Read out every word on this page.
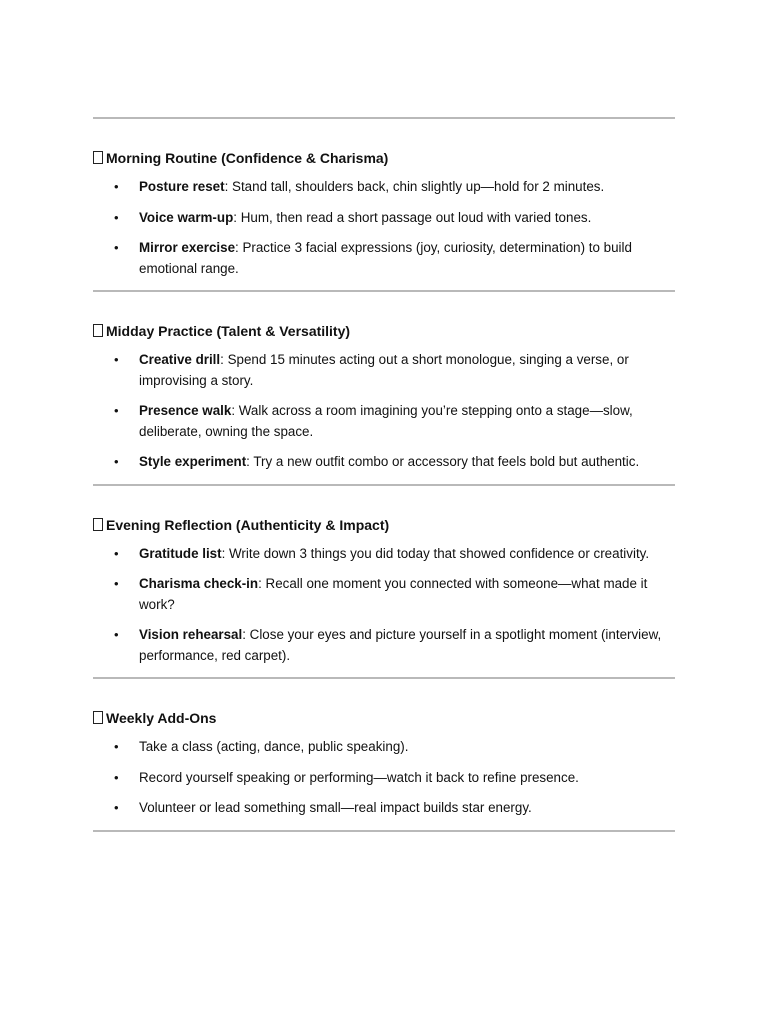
Morning Routine (Confidence & Charisma)
• Posture reset: Stand tall, shoulders back, chin slightly up—hold for 2 minutes.
• Voice warm-up: Hum, then read a short passage out loud with varied tones.
• Mirror exercise: Practice 3 facial expressions (joy, curiosity, determination) to build emotional range.
Midday Practice (Talent & Versatility)
• Creative drill: Spend 15 minutes acting out a short monologue, singing a verse, or improvising a story.
• Presence walk: Walk across a room imagining you’re stepping onto a stage—slow, deliberate, owning the space.
• Style experiment: Try a new outfit combo or accessory that feels bold but authentic.
Evening Reflection (Authenticity & Impact)
• Gratitude list: Write down 3 things you did today that showed confidence or creativity.
• Charisma check-in: Recall one moment you connected with someone—what made it work?
• Vision rehearsal: Close your eyes and picture yourself in a spotlight moment (interview, performance, red carpet).
Weekly Add-Ons
• Take a class (acting, dance, public speaking).
• Record yourself speaking or performing—watch it back to refine presence.
• Volunteer or lead something small—real impact builds star energy.
